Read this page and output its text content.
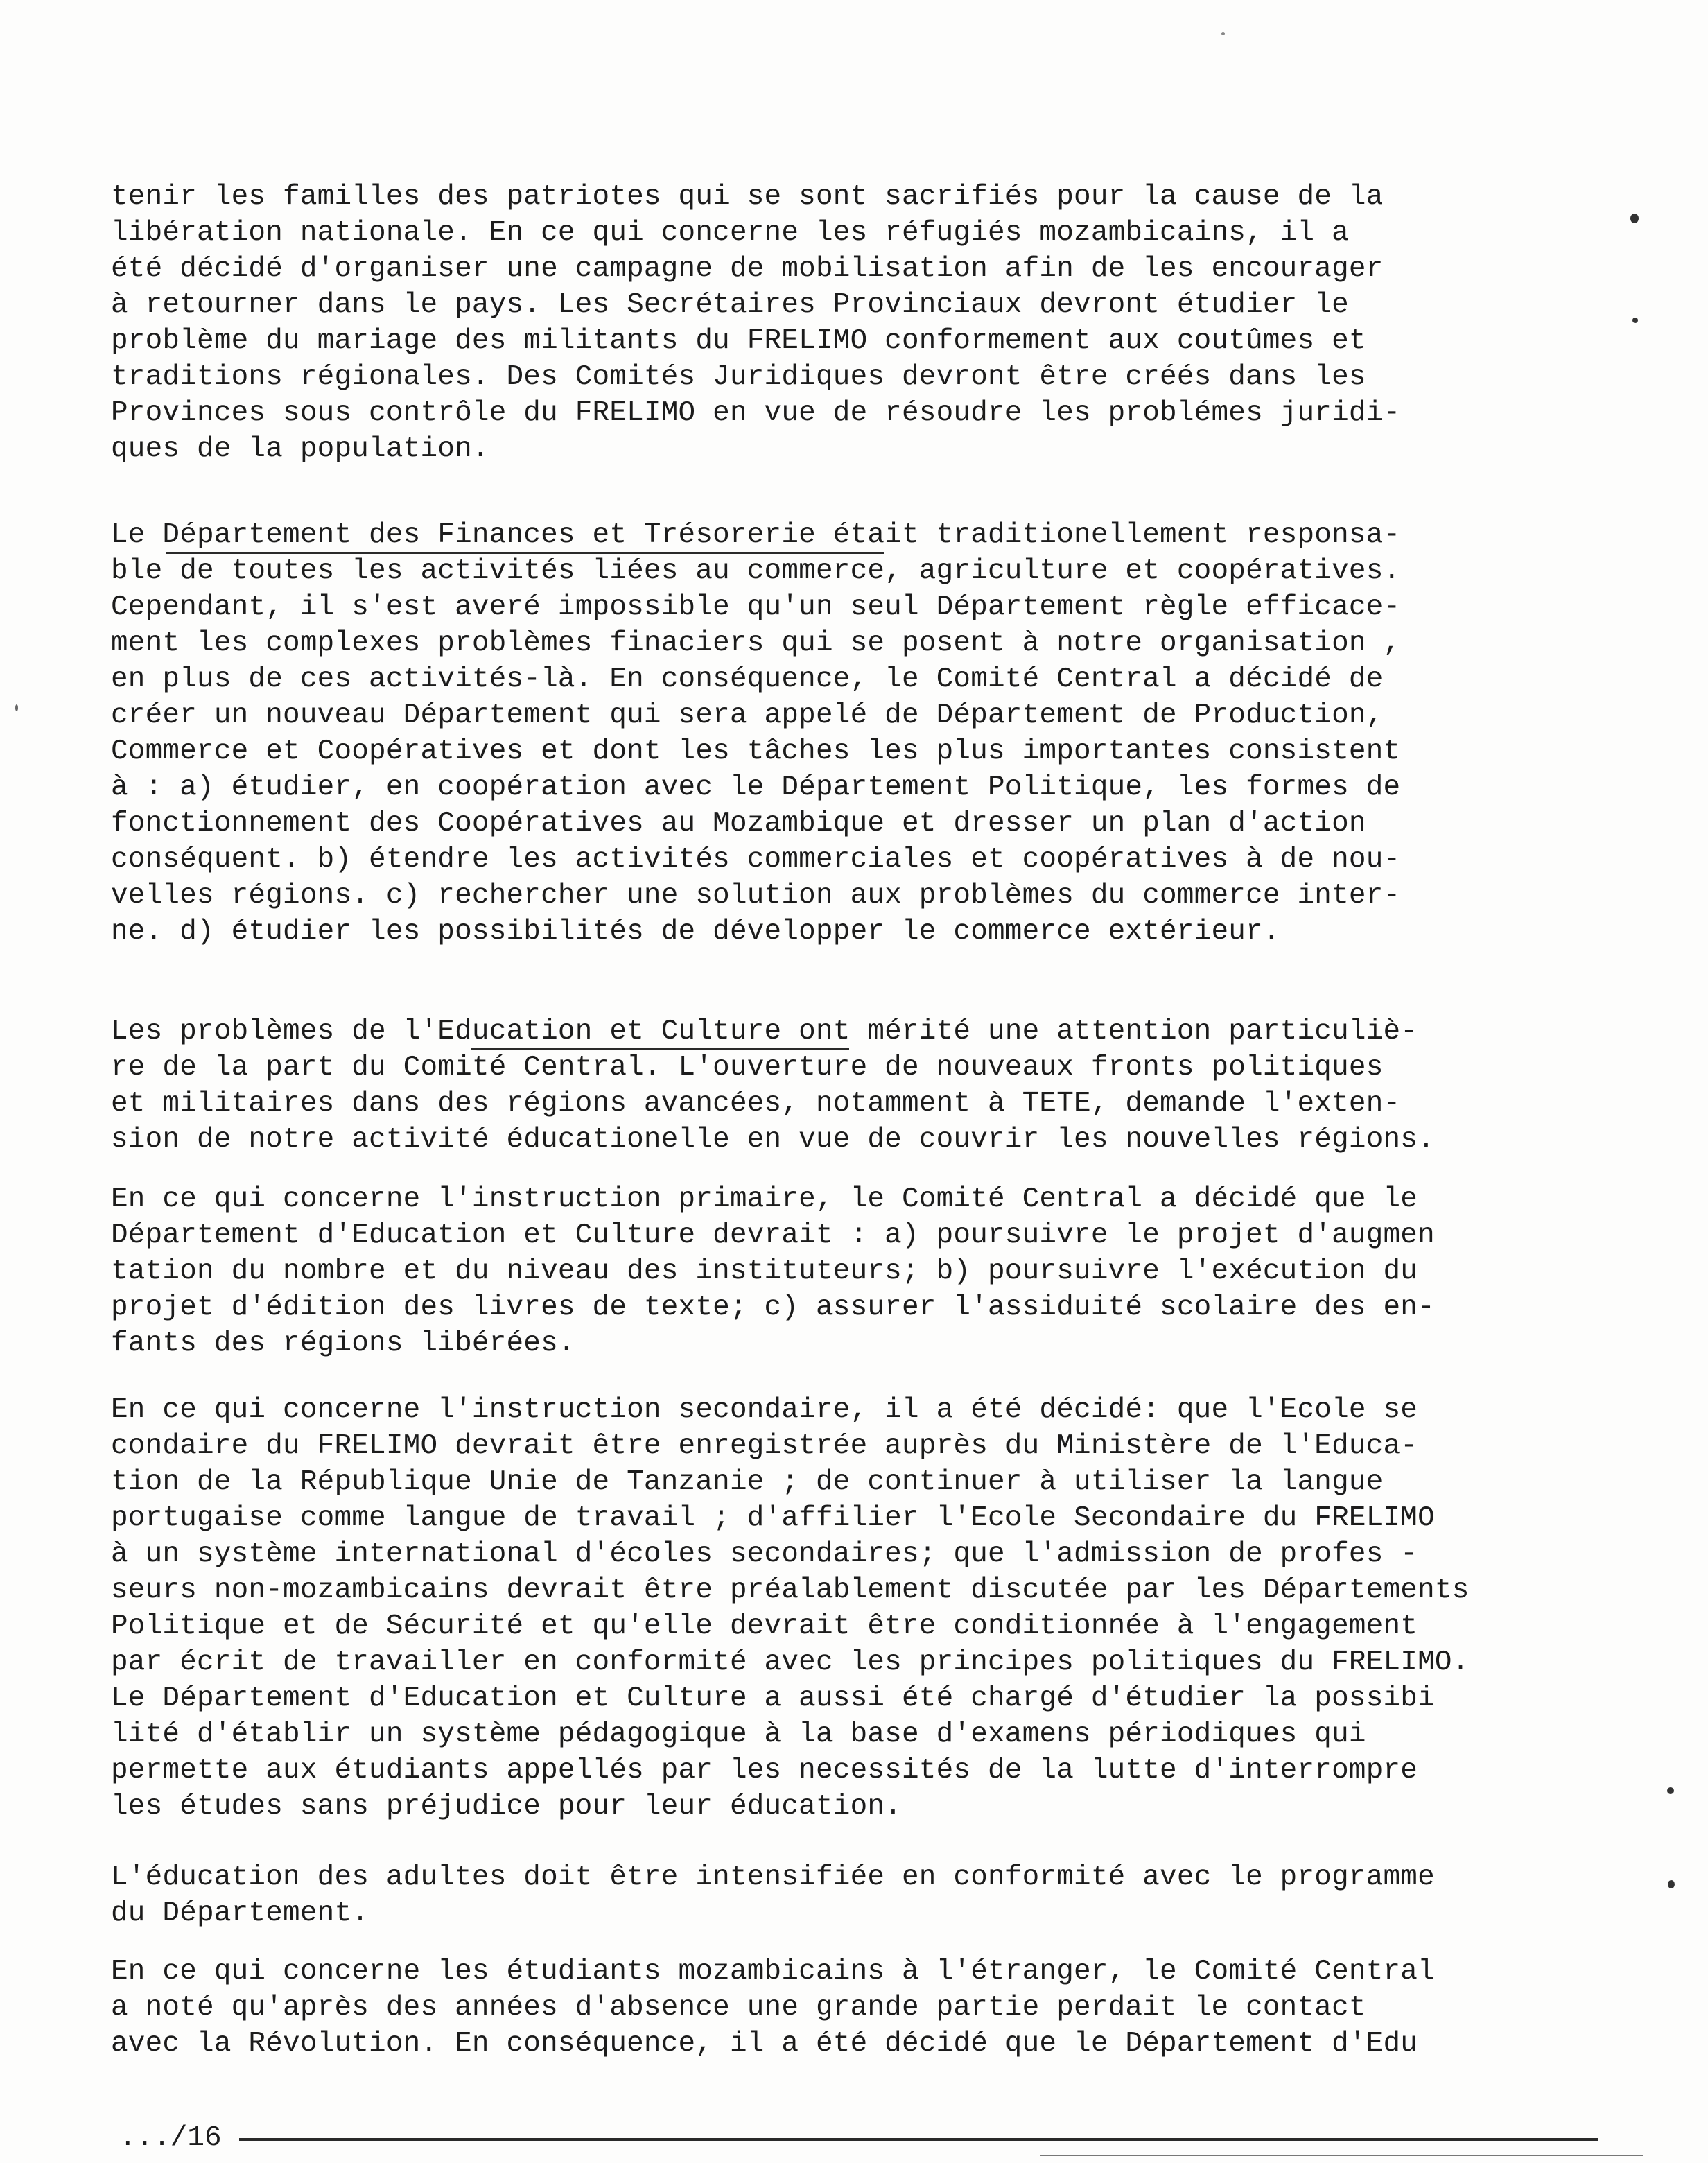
tenir les familles des patriotes qui se sont sacrifiés pour la cause de la
libération nationale. En ce qui concerne les réfugiés mozambicains, il a
été décidé d'organiser une campagne de mobilisation afin de les encourager
à retourner dans le pays. Les Secrétaires Provinciaux devront étudier le
problème du mariage des militants du FRELIMO conformement aux coutûmes et
traditions régionales. Des Comités Juridiques devront être créés dans les
Provinces sous contrôle du FRELIMO en vue de résoudre les problémes juridi-
ques de la population.
Le Département des Finances et Trésorerie était traditionellement responsa-
ble de toutes les activités liées au commerce, agriculture et coopératives.
Cependant, il s'est averé impossible qu'un seul Département règle efficace-
ment les complexes problèmes finaciers qui se posent à notre organisation ,
en plus de ces activités-là. En conséquence, le Comité Central a décidé de
créer un nouveau Département qui sera appelé de Département de Production,
Commerce et Coopératives et dont les tâches les plus importantes consistent
à : a) étudier, en coopération avec le Département Politique, les formes de
fonctionnement des Coopératives au Mozambique et dresser un plan d'action
conséquent. b) étendre les activités commerciales et coopératives à de nou-
velles régions. c) rechercher une solution aux problèmes du commerce inter-
ne. d) étudier les possibilités de développer le commerce extérieur.
Les problèmes de l'Education et Culture ont mérité une attention particuliè-
re de la part du Comité Central. L'ouverture de nouveaux fronts politiques
et militaires dans des régions avancées, notamment à TETE, demande l'exten-
sion de notre activité éducationelle en vue de couvrir les nouvelles régions.
En ce qui concerne l'instruction primaire, le Comité Central a décidé que le
Département d'Education et Culture devrait : a) poursuivre le projet d'augmen
tation du nombre et du niveau des instituteurs; b) poursuivre l'exécution du
projet d'édition des livres de texte; c) assurer l'assiduité scolaire des en-
fants des régions libérées.
En ce qui concerne l'instruction secondaire, il a été décidé: que l'Ecole se
condaire du FRELIMO devrait être enregistrée auprès du Ministère de l'Educa-
tion de la République Unie de Tanzanie ; de continuer à utiliser la langue
portugaise comme langue de travail ; d'affilier l'Ecole Secondaire du FRELIMO
à un système international d'écoles secondaires; que l'admission de profes -
seurs non-mozambicains devrait être préalablement discutée par les Départements
Politique et de Sécurité et qu'elle devrait être conditionnée à l'engagement
par écrit de travailler en conformité avec les principes politiques du FRELIMO.
Le Département d'Education et Culture a aussi été chargé d'étudier la possibi
lité d'établir un système pédagogique à la base d'examens périodiques qui
permette aux étudiants appellés par les necessités de la lutte d'interrompre
les études sans préjudice pour leur éducation.
L'éducation des adultes doit être intensifiée en conformité avec le programme
du Département.
En ce qui concerne les étudiants mozambicains à l'étranger, le Comité Central
a noté qu'après des années d'absence une grande partie perdait le contact
avec la Révolution. En conséquence, il a été décidé que le Département d'Edu
.../16
